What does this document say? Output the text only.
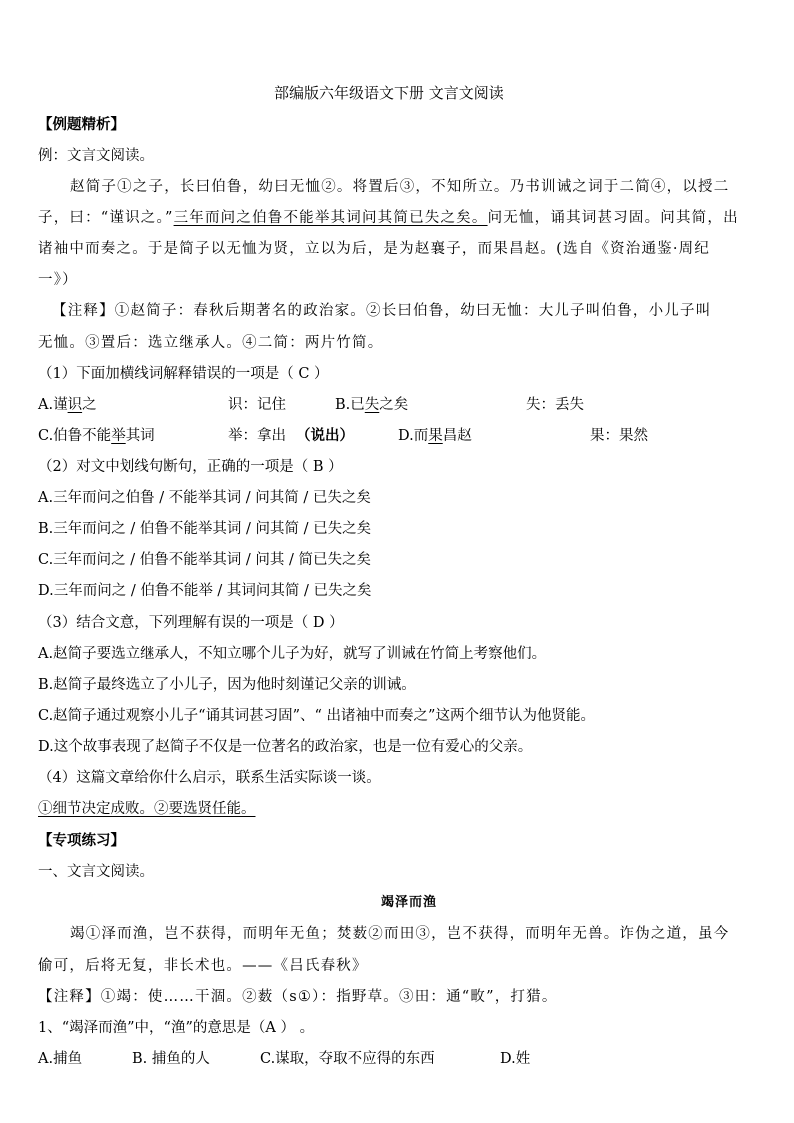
部编版六年级语文下册 文言文阅读
【例题精析】
例：文言文阅读。
赵简子①之子，长曰伯鲁，幼曰无恤②。将置后③，不知所立。乃书训诫之词于二简④，以授二
子，曰：“谨识之。”三年而问之伯鲁不能举其词问其简已失之矣。问无恤，诵其词甚习固。问其简，出
诸袖中而奏之。于是简子以无恤为贤，立以为后，是为赵襄子，而果昌赵。(选自《资治通鉴·周纪
一》）
【注释】①赵简子：春秋后期著名的政治家。②长曰伯鲁，幼曰无恤：大儿子叫伯鲁，小儿子叫
无恤。③置后：选立继承人。④二简：两片竹简。
（1）下面加横线词解释错误的一项是（ C ）
A.谨识之	识：记住	B.已失之矣	失：丢失
C.伯鲁不能举其词	举：拿出 （说出）	D.而果昌赵	果：果然
（2）对文中划线句断句，正确的一项是（ B ）
A.三年而问之伯鲁 / 不能举其词 / 问其简 / 已失之矣
B.三年而问之 / 伯鲁不能举其词 / 问其简 / 已失之矣
C.三年而问之 / 伯鲁不能举其词 / 问其 / 简已失之矣
D.三年而问之 / 伯鲁不能举 / 其词问其简 / 已失之矣
（3）结合文意，下列理解有误的一项是（ D ）
A.赵简子要选立继承人，不知立哪个儿子为好，就写了训诫在竹简上考察他们。
B.赵简子最终选立了小儿子，因为他时刻谨记父亲的训诫。
C.赵简子通过观察小儿子“诵其词甚习固”、“ 出诸袖中而奏之”这两个细节认为他贤能。
D.这个故事表现了赵简子不仅是一位著名的政治家，也是一位有爱心的父亲。
（4）这篇文章给你什么启示，联系生活实际谈一谈。
①细节决定成败。②要选贤任能。
【专项练习】
一、文言文阅读。
竭泽而渔
竭①泽而渔，岂不获得，而明年无鱼；焚薮②而田③，岂不获得，而明年无兽。诈伪之道，虽今
偷可，后将无复，非长术也。——《吕氏春秋》
【注释】①竭：使……干涸。②薮（s①）：指野草。③田：通“畋”，打猎。
1、“竭泽而渔”中，“渔”的意思是（A ） 。
A.捕鱼	B. 捕鱼的人	C.谋取，夺取不应得的东西	D.姓
